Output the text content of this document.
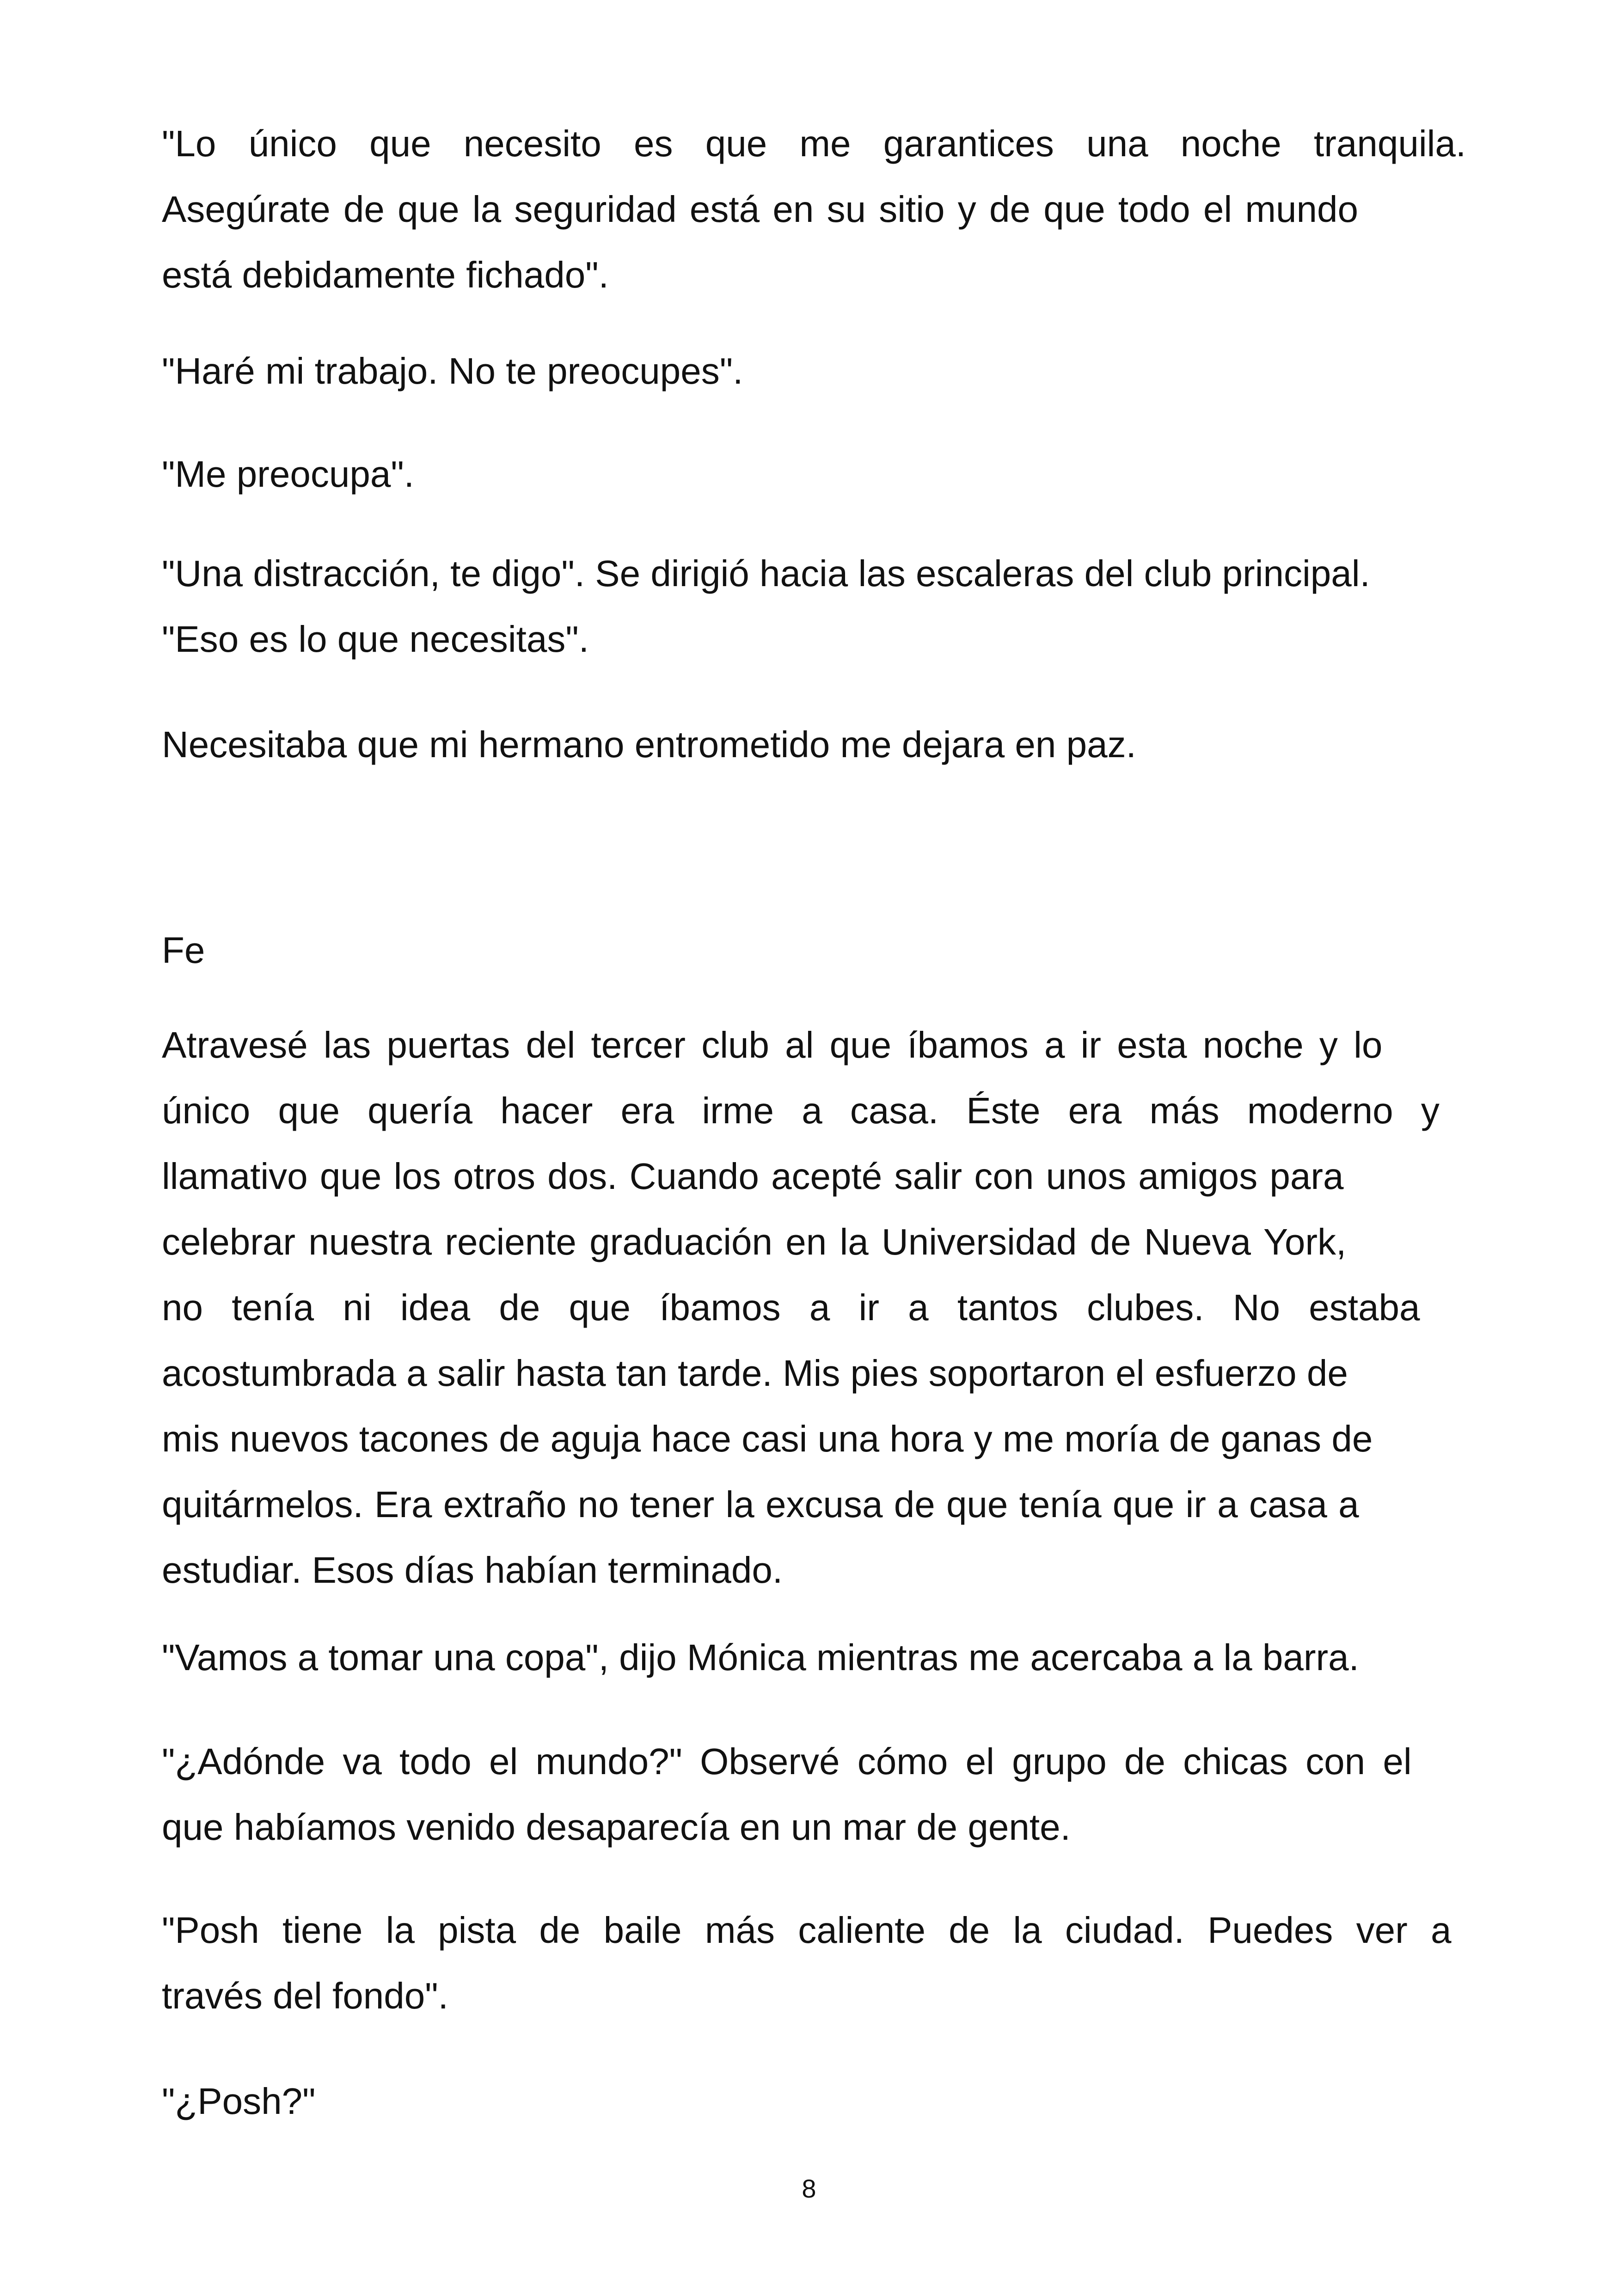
"Lo único que necesito es que me garantices una noche tranquila.
Asegúrate de que la seguridad está en su sitio y de que todo el mundo
está debidamente fichado".
"Haré mi trabajo. No te preocupes".
"Me preocupa".
"Una distracción, te digo". Se dirigió hacia las escaleras del club principal.
"Eso es lo que necesitas".
Necesitaba que mi hermano entrometido me dejara en paz.
Fe
Atravesé las puertas del tercer club al que íbamos a ir esta noche y lo
único que quería hacer era irme a casa. Éste era más moderno y
llamativo que los otros dos. Cuando acepté salir con unos amigos para
celebrar nuestra reciente graduación en la Universidad de Nueva York,
no tenía ni idea de que íbamos a ir a tantos clubes. No estaba
acostumbrada a salir hasta tan tarde. Mis pies soportaron el esfuerzo de
mis nuevos tacones de aguja hace casi una hora y me moría de ganas de
quitármelos. Era extraño no tener la excusa de que tenía que ir a casa a
estudiar. Esos días habían terminado.
"Vamos a tomar una copa", dijo Mónica mientras me acercaba a la barra.
"¿Adónde va todo el mundo?" Observé cómo el grupo de chicas con el
que habíamos venido desaparecía en un mar de gente.
"Posh tiene la pista de baile más caliente de la ciudad. Puedes ver a
través del fondo".
"¿Posh?"
8
